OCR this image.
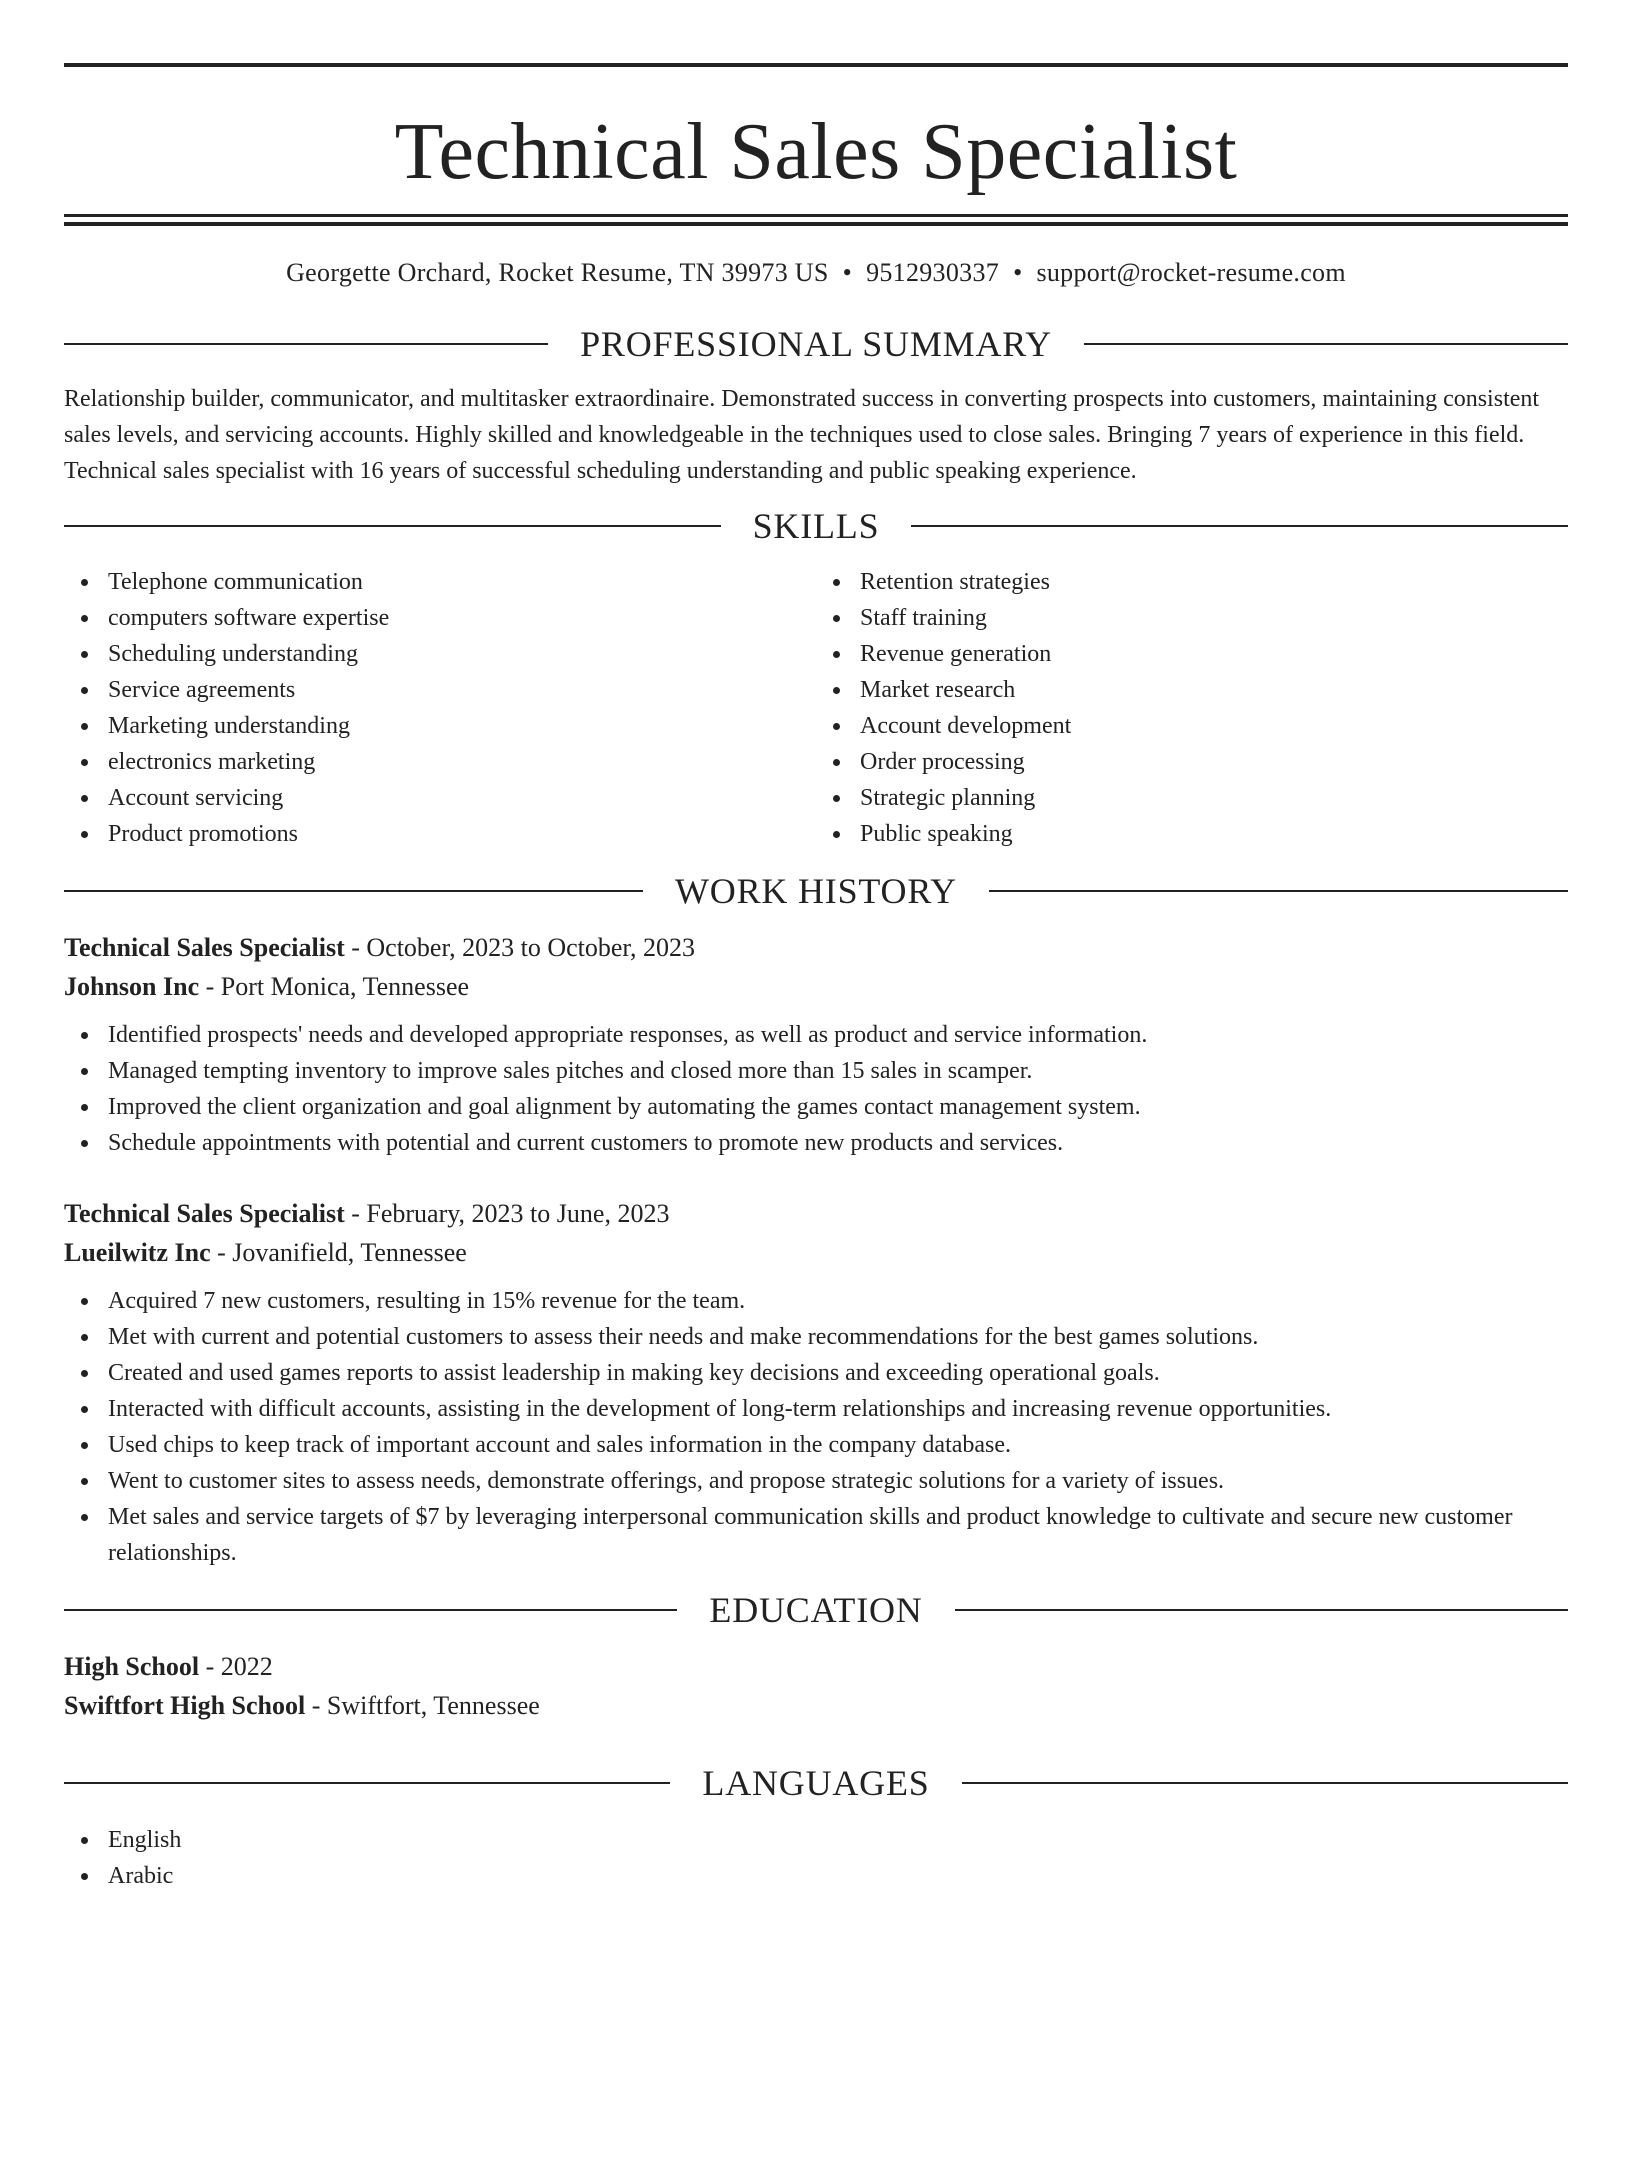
Technical Sales Specialist
Georgette Orchard, Rocket Resume, TN 39973 US • 9512930337 • support@rocket-resume.com
PROFESSIONAL SUMMARY

Relationship builder, communicator, and multitasker extraordinaire. Demonstrated success in converting prospects into customers, maintaining consistent sales levels, and servicing accounts. Highly skilled and knowledgeable in the techniques used to close sales. Bringing 7 years of experience in this field. Technical sales specialist with 16 years of successful scheduling understanding and public speaking experience.

SKILLS
Telephone communication
computers software expertise
Scheduling understanding
Service agreements
Marketing understanding
electronics marketing
Account servicing
Product promotions
Retention strategies
Staff training
Revenue generation
Market research
Account development
Order processing
Strategic planning
Public speaking
WORK HISTORY
Technical Sales Specialist - October, 2023 to October, 2023
Johnson Inc - Port Monica, Tennessee
Identified prospects' needs and developed appropriate responses, as well as product and service information.
Managed tempting inventory to improve sales pitches and closed more than 15 sales in scamper.
Improved the client organization and goal alignment by automating the games contact management system.
Schedule appointments with potential and current customers to promote new products and services.
Technical Sales Specialist - February, 2023 to June, 2023
Lueilwitz Inc - Jovanifield, Tennessee
Acquired 7 new customers, resulting in 15% revenue for the team.
Met with current and potential customers to assess their needs and make recommendations for the best games solutions.
Created and used games reports to assist leadership in making key decisions and exceeding operational goals.
Interacted with difficult accounts, assisting in the development of long-term relationships and increasing revenue opportunities.
Used chips to keep track of important account and sales information in the company database.
Went to customer sites to assess needs, demonstrate offerings, and propose strategic solutions for a variety of issues.
Met sales and service targets of $7 by leveraging interpersonal communication skills and product knowledge to cultivate and secure new customer relationships.
EDUCATION
High School - 2022
Swiftfort High School - Swiftfort, Tennessee
LANGUAGES
English
Arabic
